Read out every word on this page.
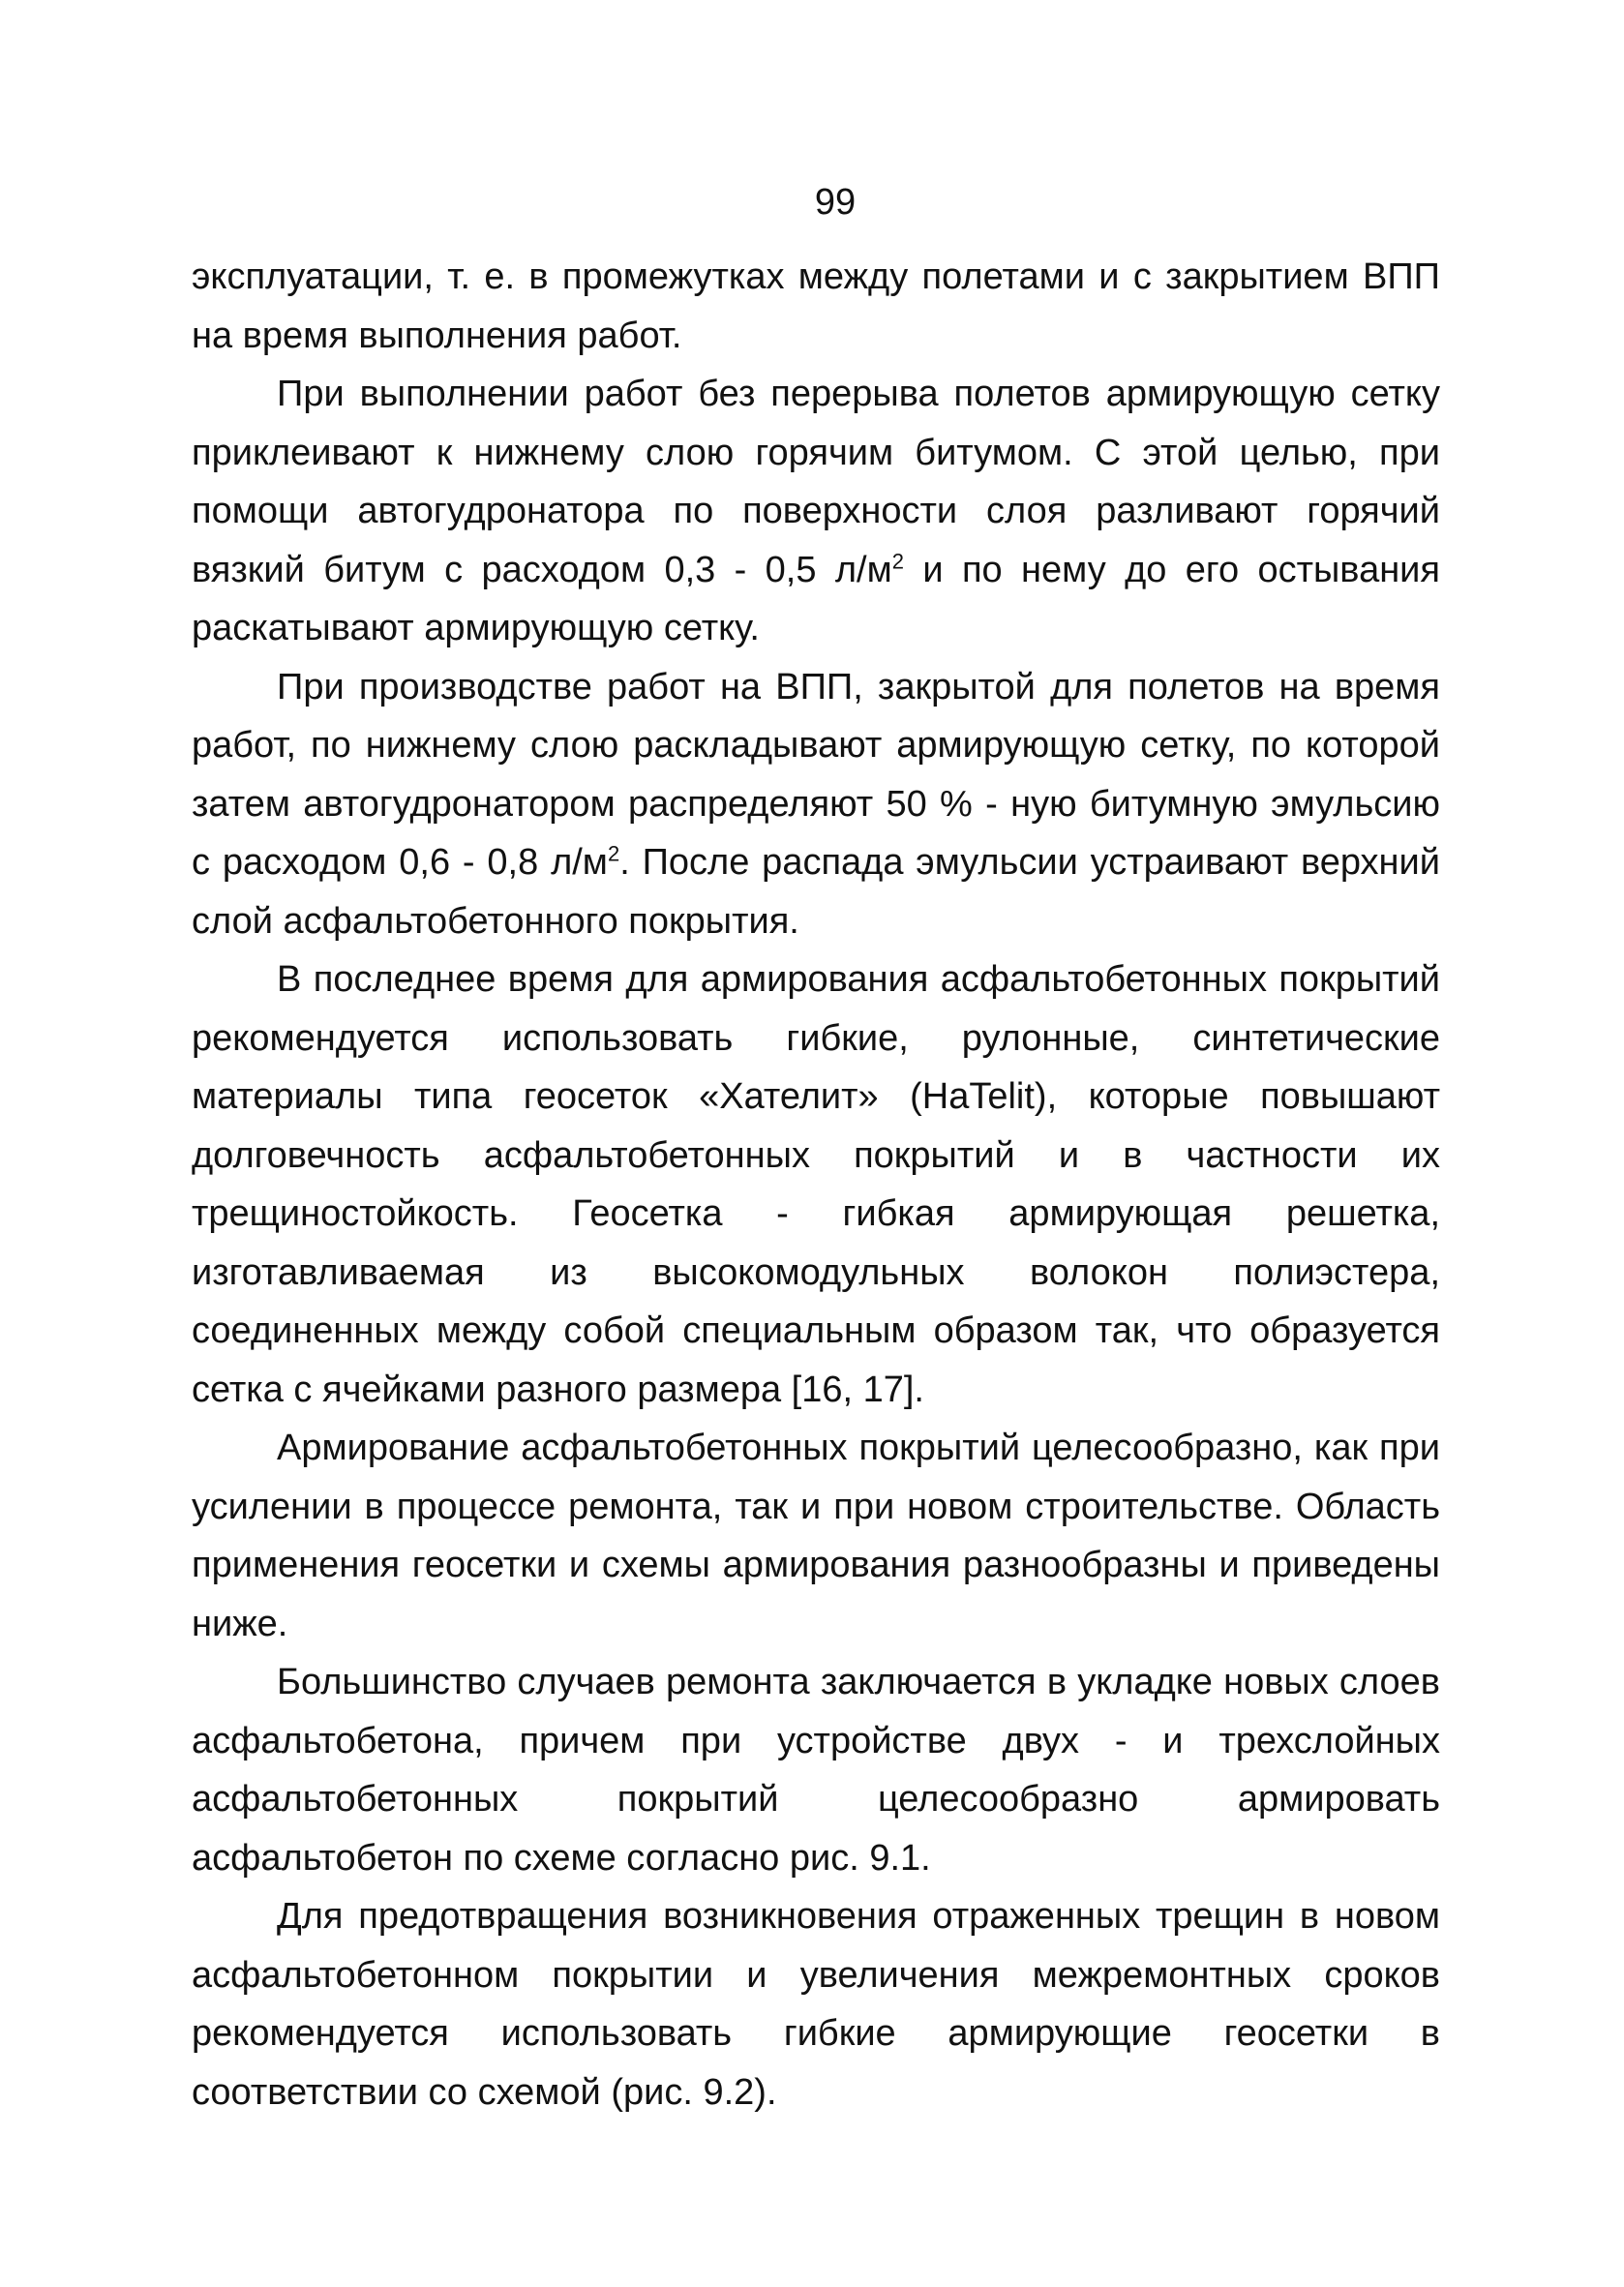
99

эксплуатации, т. е. в промежутках между полетами и с закрытием ВПП на время выполнения работ.

При выполнении работ без перерыва полетов армирующую сетку приклеивают к нижнему слою горячим битумом. С этой целью, при помощи автогудронатора по поверхности слоя разливают горячий вязкий битум с расходом 0,3 - 0,5 $л/м^2$ и по нему до его остывания раскатывают армирующую сетку.

При производстве работ на ВПП, закрытой для полетов на время работ, по нижнему слою раскладывают армирующую сетку, по которой затем автогудронатором распределяют 50 % - ную битумную эмульсию с расходом 0,6 - 0,8 $л/м^2$. После распада эмульсии устраивают верхний слой асфальтобетонного покрытия.

В последнее время для армирования асфальтобетонных покрытий рекомендуется использовать гибкие, рулонные, синтетические материалы типа геосеток «Хателит» (HaTelit), которые повышают долговечность асфальтобетонных покрытий и в частности их трещиностойкость. Геосетка - гибкая армирующая решетка, изготавливаемая из высокомодульных волокон полиэстера, соединенных между собой специальным образом так, что образуется сетка с ячейками разного размера [16, 17].

Армирование асфальтобетонных покрытий целесообразно, как при усилении в процессе ремонта, так и при новом строительстве. Область применения геосетки и схемы армирования разнообразны и приведены ниже.

Большинство случаев ремонта заключается в укладке новых слоев асфальтобетона, причем при устройстве двух - и трехслойных асфальтобетонных покрытий целесообразно армировать асфальтобетон по схеме согласно рис. 9.1.

Для предотвращения возникновения отраженных трещин в новом асфальтобетонном покрытии и увеличения межремонтных сроков рекомендуется использовать гибкие армирующие геосетки в соответствии со схемой (рис. 9.2).
